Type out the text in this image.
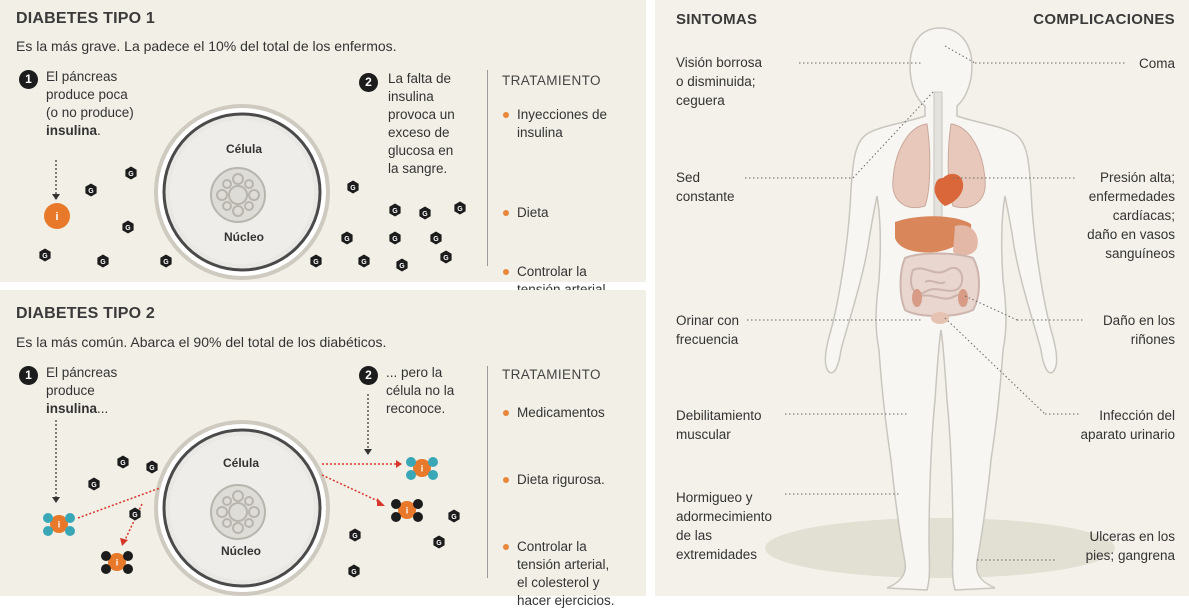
DIABETES TIPO 1
Es la más grave. La padece el 10% del total de los enfermos.
1	El páncreas
produce poca
(o no produce)
insulina.
2	La falta de
insulina
provoca un
exceso de
glucosa en
la sangre.
Célula
Núcleo
i
G
G
G
G
G	G
G
G	G
G
G	G	G
G	G
G
G
TRATAMIENTO
Inyecciones de
insulina
Dieta
Controlar la

DIABETES TIPO 2
Es la más común. Abarca el 90% del total de los diabéticos.
1	El páncreas
produce
insulina...
2	... pero la
célula no la
reconoce.
Célula
Núcleo
G
G
G
G
G
G
G
G
i
i
i
i
TRATAMIENTO
Medicamentos
Dieta rigurosa.
Controlar la
tensión arterial,
el colesterol y
hacer ejercicios.
SINTOMAS	COMPLICACIONES
Visión borrosa
o disminuida;
ceguera
Sed
constante
Orinar con
frecuencia
Debilitamiento
muscular
Hormigueo y
adormecimiento
de las
extremidades
Coma
Presión alta;
enfermedades
cardíacas;
daño en vasos
sanguíneos
Daño en los
riñones
Infección del
aparato urinario
Ulceras en los
pies; gangrena
